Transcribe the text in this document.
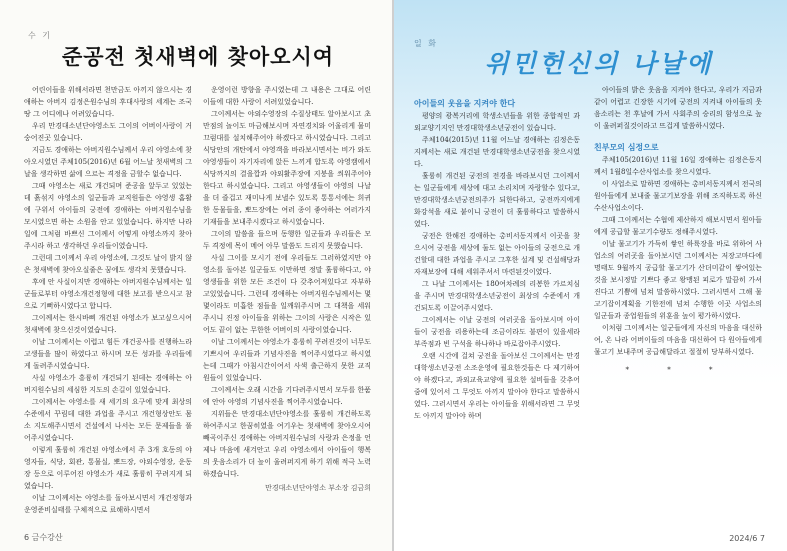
수 기
준공전 첫새벽에 찾아오시여

어린이들을 위해서라면 천만금도 아끼지 않으시는 경애하는 아버지 김정은원수님의 후대사랑의 세계는 조국땅 그 어디에나 어려있습니다.

우리 만경대소년단야영소도 그이의 어버이사랑이 거숭어진곳 있습니다.

지금도 경애하는 아버지원수님께서 우리 야영소에 찾아오시였던 주체105(2016)년 6월 어느날 첫새벽의 그날을 생각하면 삶에 으르는 격정을 금할수 없습니다.

그때 야영소는 새로 개건되며 준공을 앞두고 있었는데 흙섞지 야영소의 일군들과 교직원들은 야영생 홈활에 구위서 아이들의 궁전에 경애하는 아버지원수님을 모시였으면 하는 소원을 안고 있었습니다. 하지만 나라일에 그처럼 바쁘신 그이께서 어떻게 야영소까지 찾아주시라 하고 생각하던 우리들이였습니다.

그런데 그이께서 우리 야영소에, 그것도 날이 밝지 않은 첫새벽에 찾아오실줄은 꿈에도 생각치 못했습니다.

후에 안 사실이지만 경애하는 아버지원수님께서는 일군들로부터 야영소개건정형에 대한 보고를 받으시고 참으로 기뻐하시였다고 합니다.

그이께서는 한시바삐 개건된 야영소가 보고싶으시여 첫새벽에 찾으신것이였습니다.

이날 그이께서는 이렵고 힘든 개건공사를 진행하느라 고생들을 많이 하였다고 하시며 모든 성과를 우리들에게 돌려주시였습니다.

사실 야영소가 흥륭히 개건되기 된데는 경애하는 아버지원수님의 세심한 지도의 손길이 있었습니다.

그이께서는 야영소를 새 세기의 요구에 맞게 최상의 수준에서 꾸림데 대한 과업을 주시고 개건형상안도 몸소 지도해주시면서 건설에서 나서는 모든 문제들을 풀어주시였습니다.

이렇게 훌륭히 개건된 야영소에서 주 3개 호동의 야영자들, 식당, 회관, 통물실, 뽀드장, 야외수영장, 운동장 등으로 이루어진 야영소가 새로 훌륭히 꾸려지게 되였습니다.

이날 그이께서는 야영소를 돌아보시면서 개건정형과 운영준비실태를 구체적으로 료해하시면서

운영이런 방향을 주시였는데 그 내용은 그대로 어린이들에 대한 사랑이 서려있었습니다.

그이께서는 야외수영장의 수질상태도 알아보시고 초만점의 놀이도 마금해보시며 자연경치와 어울리게 물미끄럼대를 설치해주어야 하겠다고 하시였습니다. 그리고 식당안의 개탄에서 야영객을 바라보시면서는 비가 와도 야영생들이 자기자리에 앉든 느끼게 합도록 야영캠에서 식당까지의 결을깝과 야외활주장에 지붕을 씌워주어야 한다고 하시였습니다. 그리고 야영생들이 야영의 나날을 더 즐겁고 재미나게 보낼수 있도록 통통서에는 희귀한 동물들을, 뽀드장에는 여러 종이 좋아하는 여러가지 기재들을 보내주시겠다고 하시였습니다.

그이의 말씀을 들으며 동행한 일군들과 우리들은 모두 격정에 목이 메여 아무 말씀도 드리지 못했습니다.

사실 그이를 모시기 전에 우리들도 그러하였지만 야영소를 돌아본 일군들도 이만하면 정말 훌륭하다고, 야영생들을 위한 모든 조건이 다 갖추어져있다고 자부하고있었습니다. 그런데 경애하는 아버지원수님께서는 몇몇이라도 미흡한 점들을 일깨워주시며 그 대책을 세워주시니 진정 아이들을 위하는 그이의 사랑은 시작은 있어도 끝이 없는 무한한 어버이의 사랑이였습니다.

이날 그이께서는 야영소가 흥륭히 꾸려진것이 너무도 기쁘시여 우리들과 기념사진을 찍어주시였다고 하시였는데 그때가 아침시간이여서 사색 출근하지 못한 교직원들이 있었습니다.

그이께서는 오래 시간을 기다려주시면서 모두를 한품에 안아 야영의 기념사진을 찍어주시였습니다.

지위들은 만경대소년단야영소를 훌륭히 개건하도록 하여주시고 한꿈히였을 여기우는 첫새벽에 찾아오시여 빼곡이주신 경애하는 아버지원수님의 사랑과 은정을 언제나 마음에 새겨안고 우리 야영소에서 아이들이 행복의 웃음소리가 더 높이 울려퍼지게 하기 위해 적극 노력하겠습니다.

만경대소년단야영소 부소장 김금희

6 금수강산
일 화
위민헌신의 나날에

아이들의 웃음을 지켜야 한다

평양의 광복거리에 학생소년들을 위한 종합적인 과외교양기지인 만경대학생소년궁전이 있습니다.

주체104(2015)년 11월 어느날 경애하는 김정은동지께서는 새로 개건된 만경대학생소년궁전을 찾으시였다.

훌륭히 개건된 궁전의 전경을 바라보시던 그이께서는 일군들에게 세상에 대고 소리치며 자랑할수 있다고, 만경대학생소년궁전의주가 되한다하고, 궁전까지에게 화강석을 새로 붙이니 궁전이 더 훌륭하다고 말씀하시였다.

궁전은 한해전 경애하는 총비서동지께서 이곳을 찾으시여 궁전을 세상에 둘도 없는 아이들의 궁전으로 개건할데 대한 과업을 주시고 그후한 설계 및 건설해당과 자재보장에 대해 세워주셔서 마련된것이였다.

그 나날 그이께서는 180여차례의 리봉한 가르치심을 주시며 만경대학생소년궁전이 최상의 수준에서 개건되도록 이끌어주시였다.

그이께서는 이날 궁전의 여러곳을 돌아보시며 아이들이 궁전을 리용하는데 조금이라도 불편이 있을세라 부족점과 빈 구석을 하나하나 바로잡아주시였다.

오랜 시간에 걸쳐 궁전을 돌아보신 그이께서는 만경대학생소년궁전 소조운영에 필요한것들은 다 제기하여야 하겠다고, 과외교육교양에 필요한 설비들을 갖추어줌에 있어서 그 무엇도 아끼지 말아야 한다고 말씀하시였다. 그러시면서 우리는 아이들을 위해서라면 그 무엇도 아끼지 말아야 하며

아이들의 밝은 웃음을 지켜야 한다고, 우리가 지금과 같이 어렵고 긴장한 시기에 궁전의 지켜내 아이들의 웃음소리는 천 후날에 가서 사회주의 승리의 함성으로 높이 울려퍼질것이라고 뜨겁게 말씀하시였다.

친부모의 심정으로

주체105(2016)년 11월 16일 경애하는 김정은동지께서 1월8일수산사업소를 찾으시였다.

이 사업소로 말하면 경애하는 총비서동지께서 전국의 원아들에게 보내줄 물고기보장을 위해 조직하도록 하신 수산사업소이다.

그때 그이께서는 수협에 제산하지 해보시면서 원아들에게 공급할 물고기수량도 정해주시였다.

이날 물고기가 가득히 쌓인 하륙장을 바로 위하여 사업소의 여러곳을 돌아보시던 그이께서는 저장고마다에 명태도 9월까지 공급할 물고기가 산더미같이 쌓여있는것을 보시정말 기쁘다 좋고 왕맹된 피로가 말끔히 가셔진다고 기쁨에 넘쳐 말씀하시였다. 그러시면서 그해 물고기잡이계획을 기한전에 넘쳐 수행한 이곳 사업소의 일군들과 종업원들의 위훈을 높이 평가하시였다.

이처럼 그이께서는 일군들에게 자신의 마음을 대신하여, 온 나라 어버이들의 마음을 대신하여 다 원아들에게 물고기 보내주며 공급해달라고 절절히 당부하시였다.

* * *

2024/6 7
